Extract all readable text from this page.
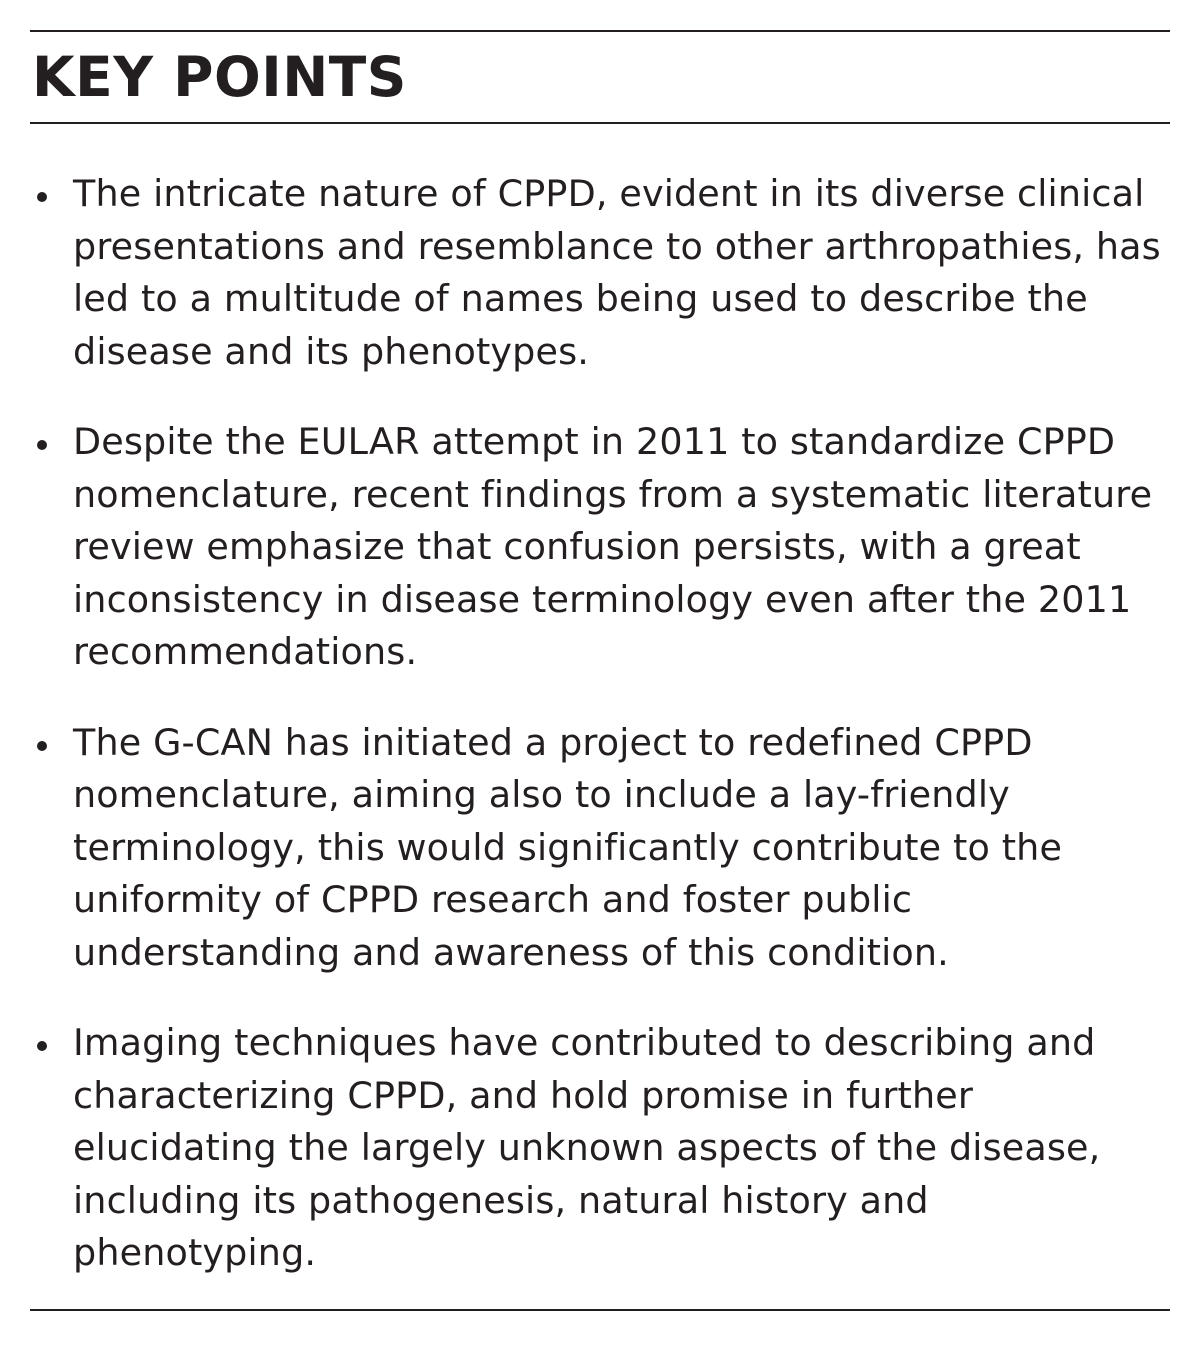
KEY POINTS
The intricate nature of CPPD, evident in its diverse clinical presentations and resemblance to other arthropathies, has led to a multitude of names being used to describe the disease and its phenotypes.
Despite the EULAR attempt in 2011 to standardize CPPD nomenclature, recent findings from a systematic literature review emphasize that confusion persists, with a great inconsistency in disease terminology even after the 2011 recommendations.
The G-CAN has initiated a project to redefined CPPD nomenclature, aiming also to include a lay-friendly terminology, this would significantly contribute to the uniformity of CPPD research and foster public understanding and awareness of this condition.
Imaging techniques have contributed to describing and characterizing CPPD, and hold promise in further elucidating the largely unknown aspects of the disease, including its pathogenesis, natural history and phenotyping.
